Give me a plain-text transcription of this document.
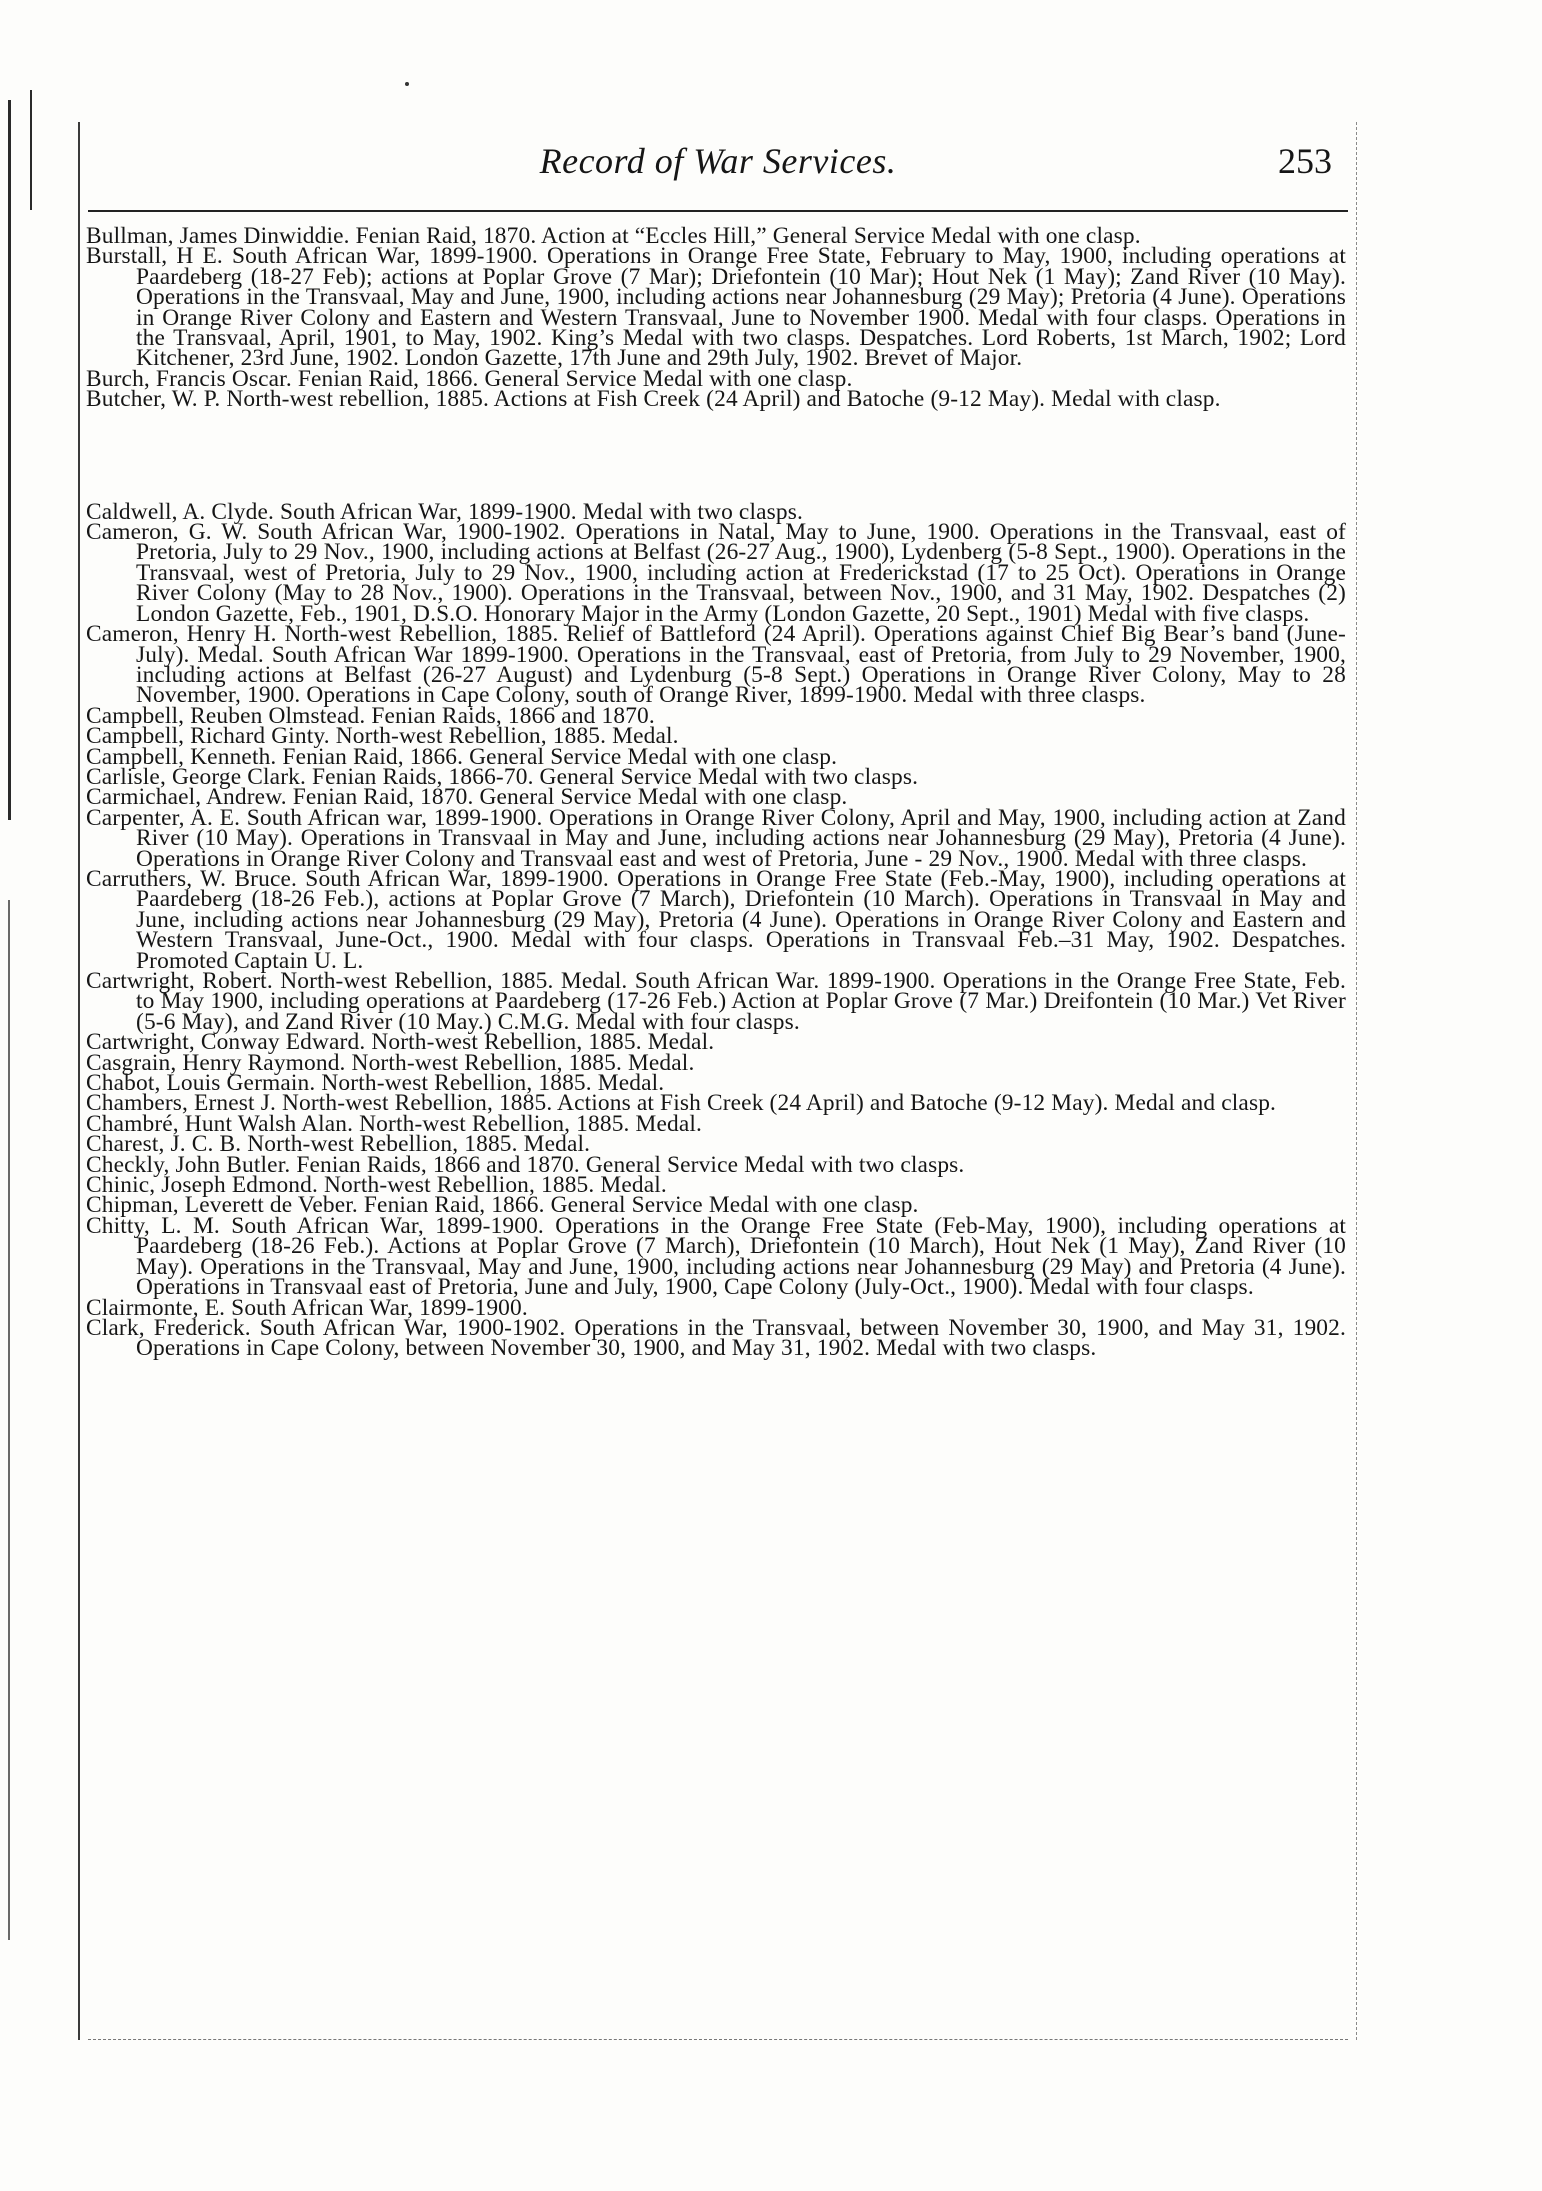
Record of War Services.	253

Bullman, James Dinwiddie. Fenian Raid, 1870. Action at “Eccles Hill,” General Service Medal with one clasp.

Burstall, H E. South African War, 1899-1900. Operations in Orange Free State, February to May, 1900, including operations at Paardeberg (18-27 Feb); actions at Poplar Grove (7 Mar); Driefontein (10 Mar); Hout Nek (1 May); Zand River (10 May). Operations in the Transvaal, May and June, 1900, including actions near Johannesburg (29 May); Pretoria (4 June). Operations in Orange River Colony and Eastern and Western Transvaal, June to November 1900. Medal with four clasps. Operations in the Transvaal, April, 1901, to May, 1902. King’s Medal with two clasps. Despatches. Lord Roberts, 1st March, 1902; Lord Kitchener, 23rd June, 1902. London Gazette, 17th June and 29th July, 1902. Brevet of Major.

Burch, Francis Oscar. Fenian Raid, 1866. General Service Medal with one clasp.

Butcher, W. P. North-west rebellion, 1885. Actions at Fish Creek (24 April) and Batoche (9-12 May). Medal with clasp.

Caldwell, A. Clyde. South African War, 1899-1900. Medal with two clasps.

Cameron, G. W. South African War, 1900-1902. Operations in Natal, May to June, 1900. Operations in the Transvaal, east of Pretoria, July to 29 Nov., 1900, including actions at Belfast (26-27 Aug., 1900), Lydenberg (5-8 Sept., 1900). Operations in the Transvaal, west of Pretoria, July to 29 Nov., 1900, including action at Frederickstad (17 to 25 Oct). Operations in Orange River Colony (May to 28 Nov., 1900). Operations in the Transvaal, between Nov., 1900, and 31 May, 1902. Despatches (2) London Gazette, Feb., 1901, D.S.O. Honorary Major in the Army (London Gazette, 20 Sept., 1901) Medal with five clasps.

Cameron, Henry H. North-west Rebellion, 1885. Relief of Battleford (24 April). Operations against Chief Big Bear’s band (June-July). Medal. South African War 1899-1900. Operations in the Transvaal, east of Pretoria, from July to 29 November, 1900, including actions at Belfast (26-27 August) and Lydenburg (5-8 Sept.) Operations in Orange River Colony, May to 28 November, 1900. Operations in Cape Colony, south of Orange River, 1899-1900. Medal with three clasps.

Campbell, Reuben Olmstead. Fenian Raids, 1866 and 1870.

Campbell, Richard Ginty. North-west Rebellion, 1885. Medal.

Campbell, Kenneth. Fenian Raid, 1866. General Service Medal with one clasp.

Carlisle, George Clark. Fenian Raids, 1866-70. General Service Medal with two clasps.

Carmichael, Andrew. Fenian Raid, 1870. General Service Medal with one clasp.

Carpenter, A. E. South African war, 1899-1900. Operations in Orange River Colony, April and May, 1900, including action at Zand River (10 May). Operations in Transvaal in May and June, including actions near Johannesburg (29 May), Pretoria (4 June). Operations in Orange River Colony and Transvaal east and west of Pretoria, June - 29 Nov., 1900. Medal with three clasps.

Carruthers, W. Bruce. South African War, 1899-1900. Operations in Orange Free State (Feb.-May, 1900), including operations at Paardeberg (18-26 Feb.), actions at Poplar Grove (7 March), Driefontein (10 March). Operations in Transvaal in May and June, including actions near Johannesburg (29 May), Pretoria (4 June). Operations in Orange River Colony and Eastern and Western Transvaal, June-Oct., 1900. Medal with four clasps. Operations in Transvaal Feb.–31 May, 1902. Despatches. Promoted Captain U. L.

Cartwright, Robert. North-west Rebellion, 1885. Medal. South African War. 1899-1900. Operations in the Orange Free State, Feb. to May 1900, including operations at Paardeberg (17-26 Feb.) Action at Poplar Grove (7 Mar.) Dreifontein (10 Mar.) Vet River (5-6 May), and Zand River (10 May.) C.M.G. Medal with four clasps.

Cartwright, Conway Edward. North-west Rebellion, 1885. Medal.

Casgrain, Henry Raymond. North-west Rebellion, 1885. Medal.

Chabot, Louis Germain. North-west Rebellion, 1885. Medal.

Chambers, Ernest J. North-west Rebellion, 1885. Actions at Fish Creek (24 April) and Batoche (9-12 May). Medal and clasp.

Chambré, Hunt Walsh Alan. North-west Rebellion, 1885. Medal.

Charest, J. C. B. North-west Rebellion, 1885. Medal.

Checkly, John Butler. Fenian Raids, 1866 and 1870. General Service Medal with two clasps.

Chinic, Joseph Edmond. North-west Rebellion, 1885. Medal.

Chipman, Leverett de Veber. Fenian Raid, 1866. General Service Medal with one clasp.

Chitty, L. M. South African War, 1899-1900. Operations in the Orange Free State (Feb-May, 1900), including operations at Paardeberg (18-26 Feb.). Actions at Poplar Grove (7 March), Driefontein (10 March), Hout Nek (1 May), Zand River (10 May). Operations in the Transvaal, May and June, 1900, including actions near Johannesburg (29 May) and Pretoria (4 June). Operations in Transvaal east of Pretoria, June and July, 1900, Cape Colony (July-Oct., 1900). Medal with four clasps.

Clairmonte, E. South African War, 1899-1900.

Clark, Frederick. South African War, 1900-1902. Operations in the Transvaal, between November 30, 1900, and May 31, 1902. Operations in Cape Colony, between November 30, 1900, and May 31, 1902. Medal with two clasps.
